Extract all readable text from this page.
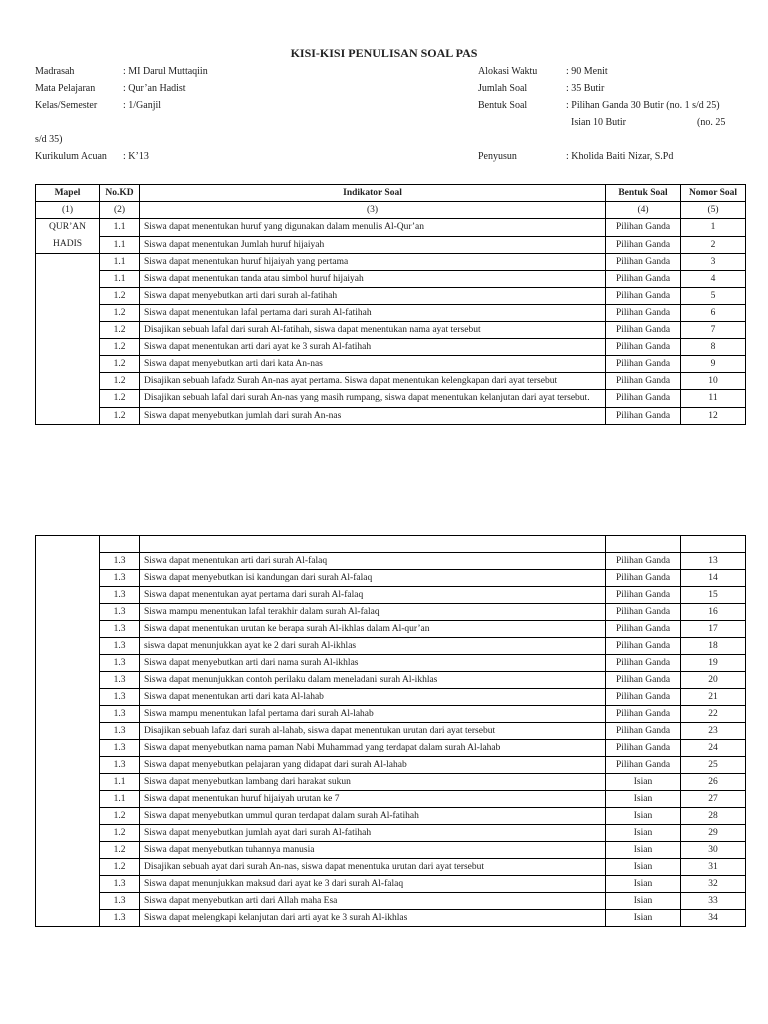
KISI-KISI PENULISAN SOAL PAS
Madrasah	: MI Darul Muttaqiin
Mata Pelajaran	: Qur’an Hadist
Kelas/Semester	: 1/Ganjil
Alokasi Waktu	: 90 Menit
Jumlah Soal	: 35 Butir
Bentuk Soal	: Pilihan Ganda 30 Butir (no. 1 s/d 25)
Isian 10 Butir	(no. 25
s/d 35)
Kurikulum Acuan : K’13	Penyusun	: Kholida Baiti Nizar, S.Pd
Mapel	No.KD	Indikator Soal	Bentuk Soal	Nomor Soal
(1)	(2)	(3)	(4)	(5)

QUR’AN
HADIS	1.1	Siswa dapat menentukan huruf yang digunakan dalam menulis Al-Qur’an	Pilihan Ganda	1
	1.1	Siswa dapat menentukan Jumlah huruf hijaiyah	Pilihan Ganda	2
	1.1	Siswa dapat menentukan huruf hijaiyah yang pertama	Pilihan Ganda	3
	1.1	Siswa dapat menentukan tanda atau simbol huruf hijaiyah	Pilihan Ganda	4
	1.2	Siswa dapat menyebutkan arti dari surah al-fatihah	Pilihan Ganda	5
	1.2	Siswa dapat menentukan lafal pertama dari surah Al-fatihah	Pilihan Ganda	6
	1.2	Disajikan sebuah lafal dari surah Al-fatihah, siswa dapat menentukan nama ayat tersebut	Pilihan Ganda	7
	1.2	Siswa dapat menentukan arti dari ayat ke 3 surah Al-fatihah	Pilihan Ganda	8
	1.2	Siswa dapat menyebutkan arti dari kata An-nas	Pilihan Ganda	9
	1.2	Disajikan sebuah lafadz Surah An-nas ayat pertama. Siswa dapat menentukan kelengkapan dari ayat tersebut	Pilihan Ganda	10
	1.2	Disajikan sebuah lafal dari surah An-nas yang masih rumpang, siswa dapat menentukan kelanjutan dari ayat tersebut.	Pilihan Ganda	11
	1.2	Siswa dapat menyebutkan jumlah dari surah An-nas	Pilihan Ganda	12

	1.3	Siswa dapat menentukan arti dari surah Al-falaq	Pilihan Ganda	13
	1.3	Siswa dapat menyebutkan isi kandungan dari surah Al-falaq	Pilihan Ganda	14
	1.3	Siswa dapat menentukan ayat pertama dari surah Al-falaq	Pilihan Ganda	15
	1.3	Siswa mampu menentukan lafal terakhir dalam surah Al-falaq	Pilihan Ganda	16
	1.3	Siswa dapat menentukan urutan ke berapa surah Al-ikhlas dalam Al-qur’an	Pilihan Ganda	17
	1.3	siswa dapat menunjukkan ayat ke 2 dari surah Al-ikhlas	Pilihan Ganda	18
	1.3	Siswa dapat menyebutkan arti dari nama surah Al-ikhlas	Pilihan Ganda	19
	1.3	Siswa dapat menunjukkan contoh perilaku dalam meneladani surah Al-ikhlas	Pilihan Ganda	20
	1.3	Siswa dapat menentukan arti dari kata Al-lahab	Pilihan Ganda	21
	1.3	Siswa mampu menentukan lafal pertama dari surah Al-lahab	Pilihan Ganda	22
	1.3	Disajikan sebuah lafaz dari surah al-lahab, siswa dapat menentukan urutan dari ayat tersebut	Pilihan Ganda	23
	1.3	Siswa dapat menyebutkan nama paman Nabi Muhammad yang terdapat dalam surah Al-lahab	Pilihan Ganda	24
	1.3	Siswa dapat menyebutkan pelajaran yang didapat dari surah Al-lahab	Pilihan Ganda	25
	1.1	Siswa dapat menyebutkan lambang dari harakat sukun	Isian	26
	1.1	Siswa dapat menentukan huruf hijaiyah urutan ke 7	Isian	27
	1.2	Siswa dapat menyebutkan ummul quran terdapat dalam surah Al-fatihah	Isian	28
	1.2	Siswa dapat menyebutkan jumlah ayat dari surah Al-fatihah	Isian	29
	1.2	Siswa dapat menyebutkan tuhannya manusia	Isian	30
	1.2	Disajikan sebuah ayat dari surah An-nas, siswa dapat menentuka urutan dari ayat tersebut	Isian	31
	1.3	Siswa dapat menunjukkan maksud dari ayat ke 3 dari surah Al-falaq	Isian	32
	1.3	Siswa dapat menyebutkan arti dari Allah maha Esa	Isian	33
	1.3	Siswa dapat melengkapi kelanjutan dari arti ayat ke 3 surah Al-ikhlas	Isian	34
